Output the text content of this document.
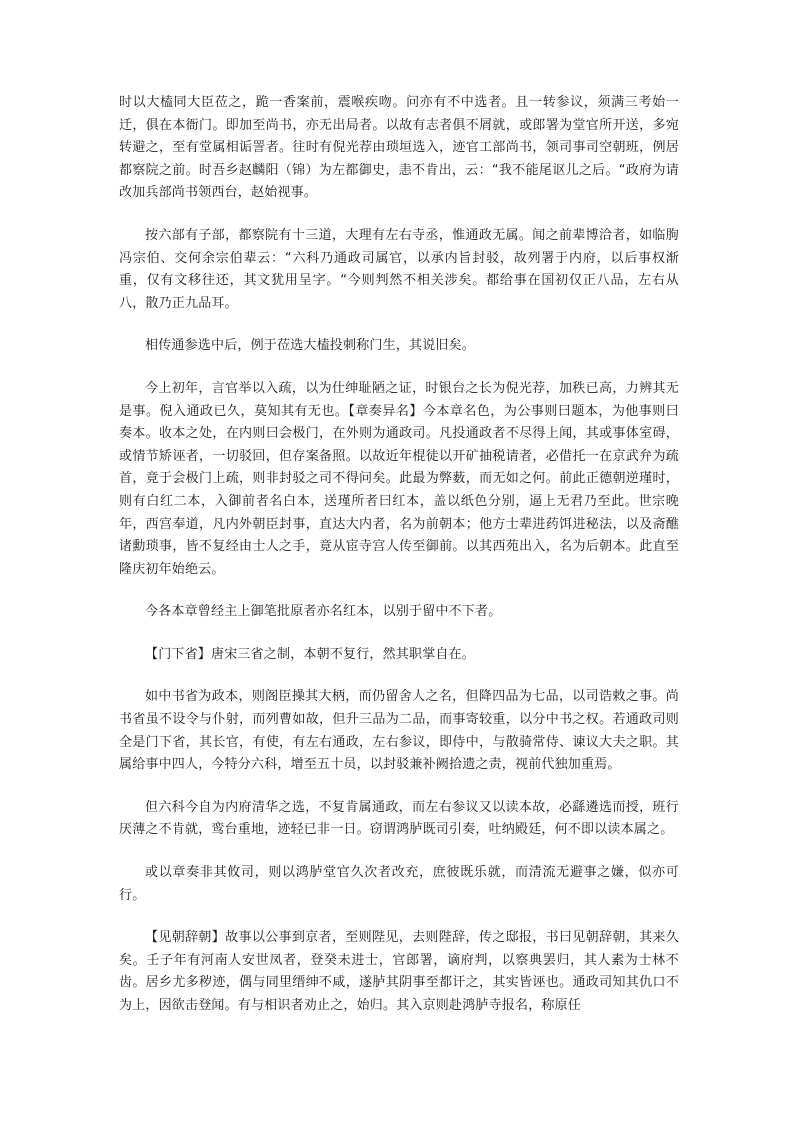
时以大榼同大臣莅之，跪一香案前，震喉疾吻。问亦有不中选者。且一转参议，须满三考始一迁，俱在本衙门。即加至尚书，亦无出局者。以故有志者俱不屑就，或郎署为堂官所开送，多宛转避之，至有堂属相诟詈者。往时有倪光荐由琐垣选入，迹官工部尚书，领司事司空朝班，例居都察院之前。时吾乡赵麟阳（锦）为左都御史，恚不肯出，云：“我不能尾讴儿之后。“政府为请改加兵部尚书领西台，赵始视事。

按六部有子部，都察院有十三道，大理有左右寺丞，惟通政无属。闻之前辈博洽者，如临朐冯宗伯、交何余宗伯辈云：“六科乃通政司属官，以承内旨封驳，故列署于内府，以后事权渐重，仅有文移往还，其文犹用呈字。“今则判然不相关涉矣。都给事在国初仅正八品，左右从八，散乃正九品耳。

相传通参选中后，例于莅选大榼投刺称门生，其说旧矣。

今上初年，言官举以入疏，以为仕绅耻陋之证，时银台之长为倪光荐，加秩已高，力辨其无是事。倪入通政已久，莫知其有无也。【章奏异名】今本章名色，为公事则曰题本，为他事则曰奏本。收本之处，在内则曰会极门，在外则为通政司。凡投通政者不尽得上闻，其或事体室碍，或情节矫诬者，一切驳回，但存案备照。以故近年棍徒以开矿抽税请者，必借托一在京武弁为疏首，竟于会极门上疏，则非封驳之司不得问矣。此最为弊薮，而无如之何。前此正德朝逆瑾时，则有白红二本，入御前者名白本，送瑾所者曰红本，盖以纸色分别，逼上无君乃至此。世宗晚年，西宫奉道，凡内外朝臣封事，直达大内者，名为前朝本；他方士辈进药饵进秘法，以及斋醮诸勳琐事，皆不复经由士人之手，竟从宦寺宫人传至御前。以其西苑出入，名为后朝本。此直至隆庆初年始绝云。

今各本章曾经主上御笔批原者亦名红本，以别于留中不下者。

【门下省】唐宋三省之制，本朝不复行，然其职掌自在。

如中书省为政本，则阁臣操其大柄，而仍留舍人之名，但降四品为七品，以司诰敕之事。尚书省虽不设令与仆射，而列曹如故，但升三品为二品，而事寄较重，以分中书之权。若通政司则全是门下省，其长官，有使，有左右通政，左右参议，即侍中，与散骑常侍、谏议大夫之职。其属给事中四人，今特分六科，增至五十员，以封驳兼补阙拾遗之责，视前代独加重焉。

但六科今自为内府清华之选，不复肯属通政，而左右参议又以读本故，必繇遴选而授，班行厌薄之不肯就，鸾台重地，迹轻已非一日。窃谓鸿胪既司引奏，吐纳殿廷，何不即以读本属之。

或以章奏非其攸司，则以鸿胪堂官久次者改充，庶彼既乐就，而清流无避事之嫌，似亦可行。

【见朝辞朝】故事以公事到京者，至则陛见，去则陛辞，传之邸报，书曰见朝辞朝，其来久矣。壬子年有河南人安世凤者，登癸未进士，官郎署，谪府判，以察典罢归，其人素为士林不齿。居乡尤多秽迹，偶与同里缙绅不咸，遂胪其阴事至都讦之，其实皆诬也。通政司知其仇口不为上，因欲击登闻。有与相识者劝止之，始归。其入京则赴鸿胪寺报名，称原任
